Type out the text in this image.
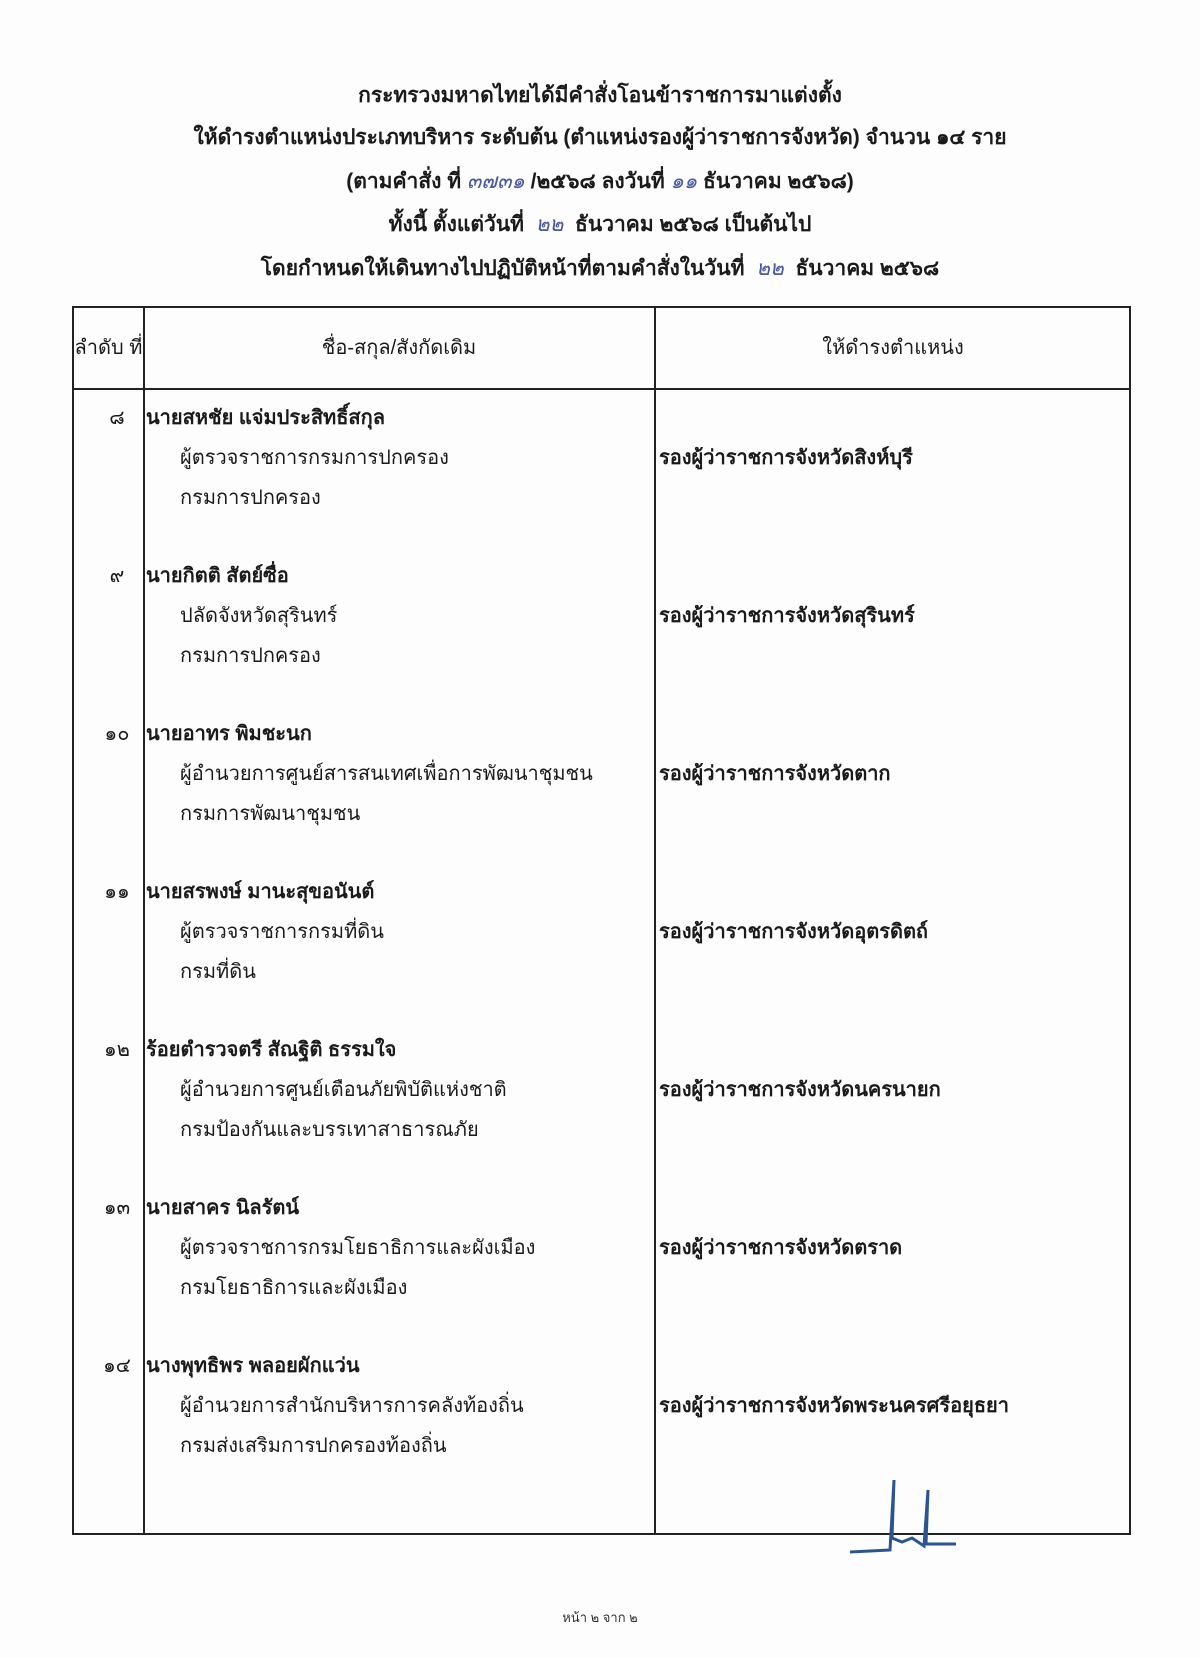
กระทรวงมหาดไทยได้มีคำสั่งโอนข้าราชการมาแต่งตั้ง
ให้ดำรงตำแหน่งประเภทบริหาร ระดับต้น (ตำแหน่งรองผู้ว่าราชการจังหวัด) จำนวน ๑๔ ราย
(ตามคำสั่ง ที่ ๓๗๓๑ /๒๕๖๘ ลงวันที่ ๑๑ ธันวาคม ๒๕๖๘)
ทั้งนี้ ตั้งแต่วันที่ ๒๒ ธันวาคม ๒๕๖๘ เป็นต้นไป
โดยกำหนดให้เดินทางไปปฏิบัติหน้าที่ตามคำสั่งในวันที่ ๒๒ ธันวาคม ๒๕๖๘
ลำดับ ที่	ชื่อ-สกุล/สังกัดเดิม	ให้ดำรงตำแหน่ง
๘	นายสหชัย แจ่มประสิทธิ์สกุล
ผู้ตรวจราชการกรมการปกครอง
กรมการปกครอง
รองผู้ว่าราชการจังหวัดสิงห์บุรี
๙	นายกิตติ สัตย์ซื่อ
ปลัดจังหวัดสุรินทร์
กรมการปกครอง
รองผู้ว่าราชการจังหวัดสุรินทร์
๑๐ นายอาทร พิมชะนก
ผู้อำนวยการศูนย์สารสนเทศเพื่อการพัฒนาชุมชน
กรมการพัฒนาชุมชน
รองผู้ว่าราชการจังหวัดตาก
๑๑ นายสรพงษ์ มานะสุขอนันต์
ผู้ตรวจราชการกรมที่ดิน
กรมที่ดิน
รองผู้ว่าราชการจังหวัดอุตรดิตถ์
๑๒ ร้อยตำรวจตรี สัณฐิติ ธรรมใจ
ผู้อำนวยการศูนย์เตือนภัยพิบัติแห่งชาติ
กรมป้องกันและบรรเทาสาธารณภัย
รองผู้ว่าราชการจังหวัดนครนายก
๑๓ นายสาคร นิลรัตน์
ผู้ตรวจราชการกรมโยธาธิการและผังเมือง
กรมโยธาธิการและผังเมือง
รองผู้ว่าราชการจังหวัดตราด
๑๔ นางพุทธิพร พลอยผักแว่น
ผู้อำนวยการสำนักบริหารการคลังท้องถิ่น
กรมส่งเสริมการปกครองท้องถิ่น
รองผู้ว่าราชการจังหวัดพระนครศรีอยุธยา
หน้า ๒ จาก ๒
